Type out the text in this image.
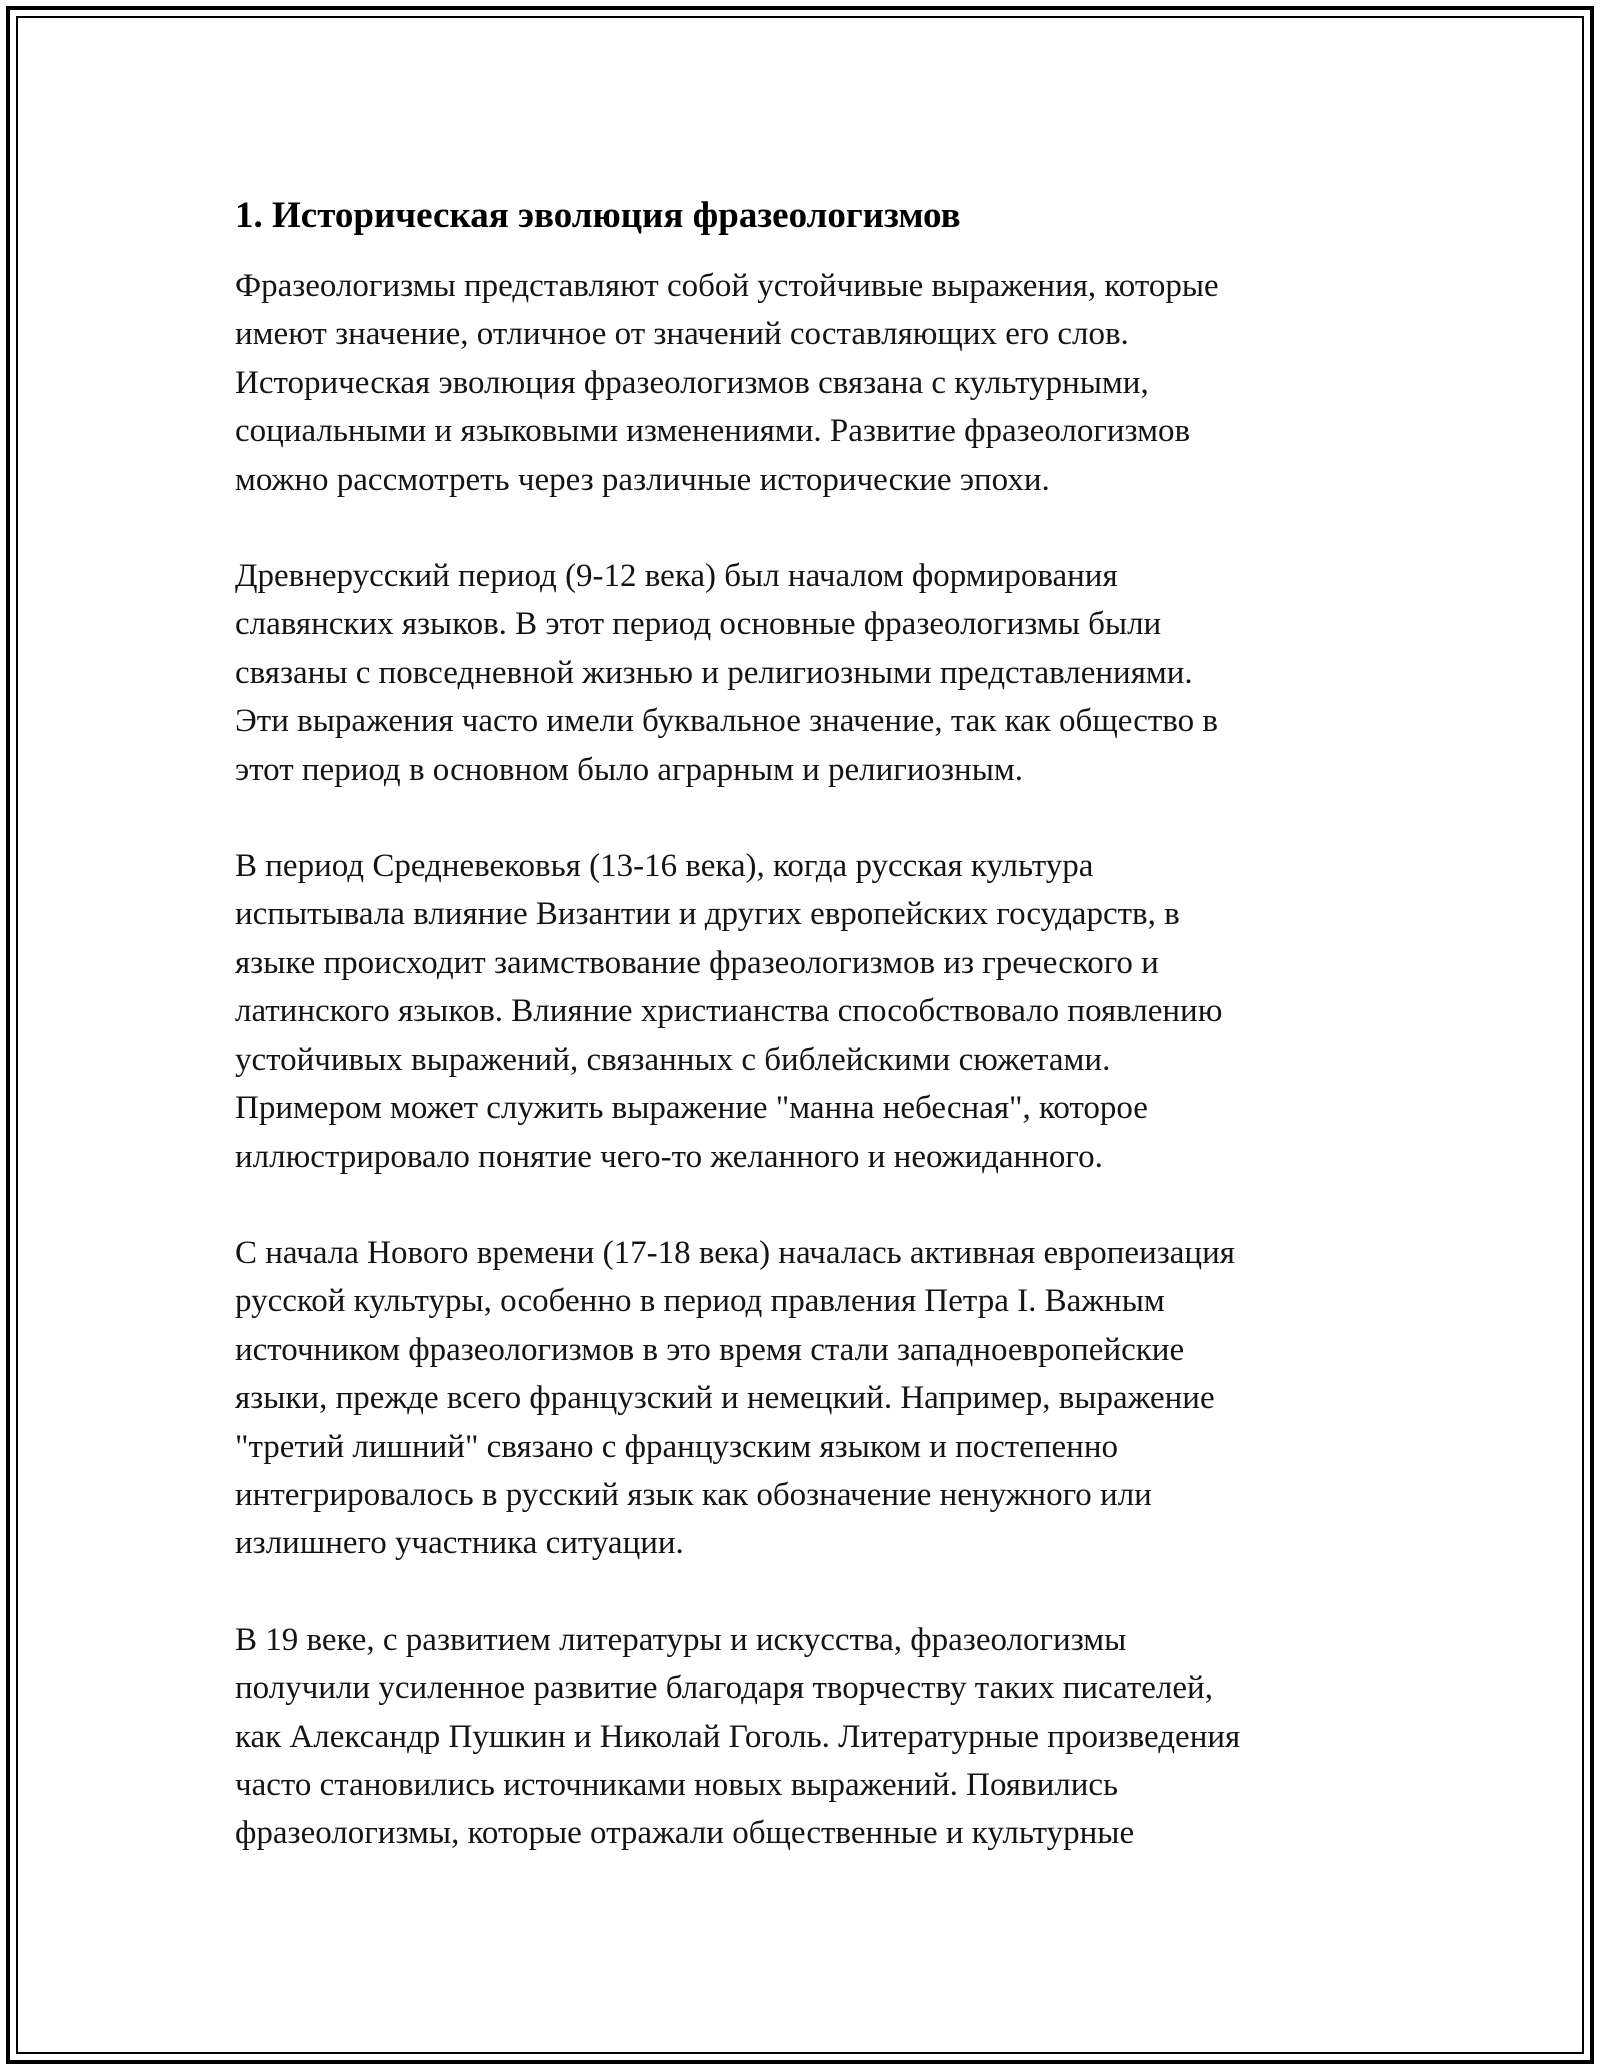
1. Историческая эволюция фразеологизмов

Фразеологизмы представляют собой устойчивые выражения, которые
имеют значение, отличное от значений составляющих его слов.
Историческая эволюция фразеологизмов связана с культурными,
социальными и языковыми изменениями. Развитие фразеологизмов
можно рассмотреть через различные исторические эпохи.

Древнерусский период (9-12 века) был началом формирования
славянских языков. В этот период основные фразеологизмы были
связаны с повседневной жизнью и религиозными представлениями.
Эти выражения часто имели буквальное значение, так как общество в
этот период в основном было аграрным и религиозным.

В период Средневековья (13-16 века), когда русская культура
испытывала влияние Византии и других европейских государств, в
языке происходит заимствование фразеологизмов из греческого и
латинского языков. Влияние христианства способствовало появлению
устойчивых выражений, связанных с библейскими сюжетами.
Примером может служить выражение "манна небесная", которое
иллюстрировало понятие чего-то желанного и неожиданного.

С начала Нового времени (17-18 века) началась активная европеизация
русской культуры, особенно в период правления Петра I. Важным
источником фразеологизмов в это время стали западноевропейские
языки, прежде всего французский и немецкий. Например, выражение
"третий лишний" связано с французским языком и постепенно
интегрировалось в русский язык как обозначение ненужного или
излишнего участника ситуации.

В 19 веке, с развитием литературы и искусства, фразеологизмы
получили усиленное развитие благодаря творчеству таких писателей,
как Александр Пушкин и Николай Гоголь. Литературные произведения
часто становились источниками новых выражений. Появились
фразеологизмы, которые отражали общественные и культурные
